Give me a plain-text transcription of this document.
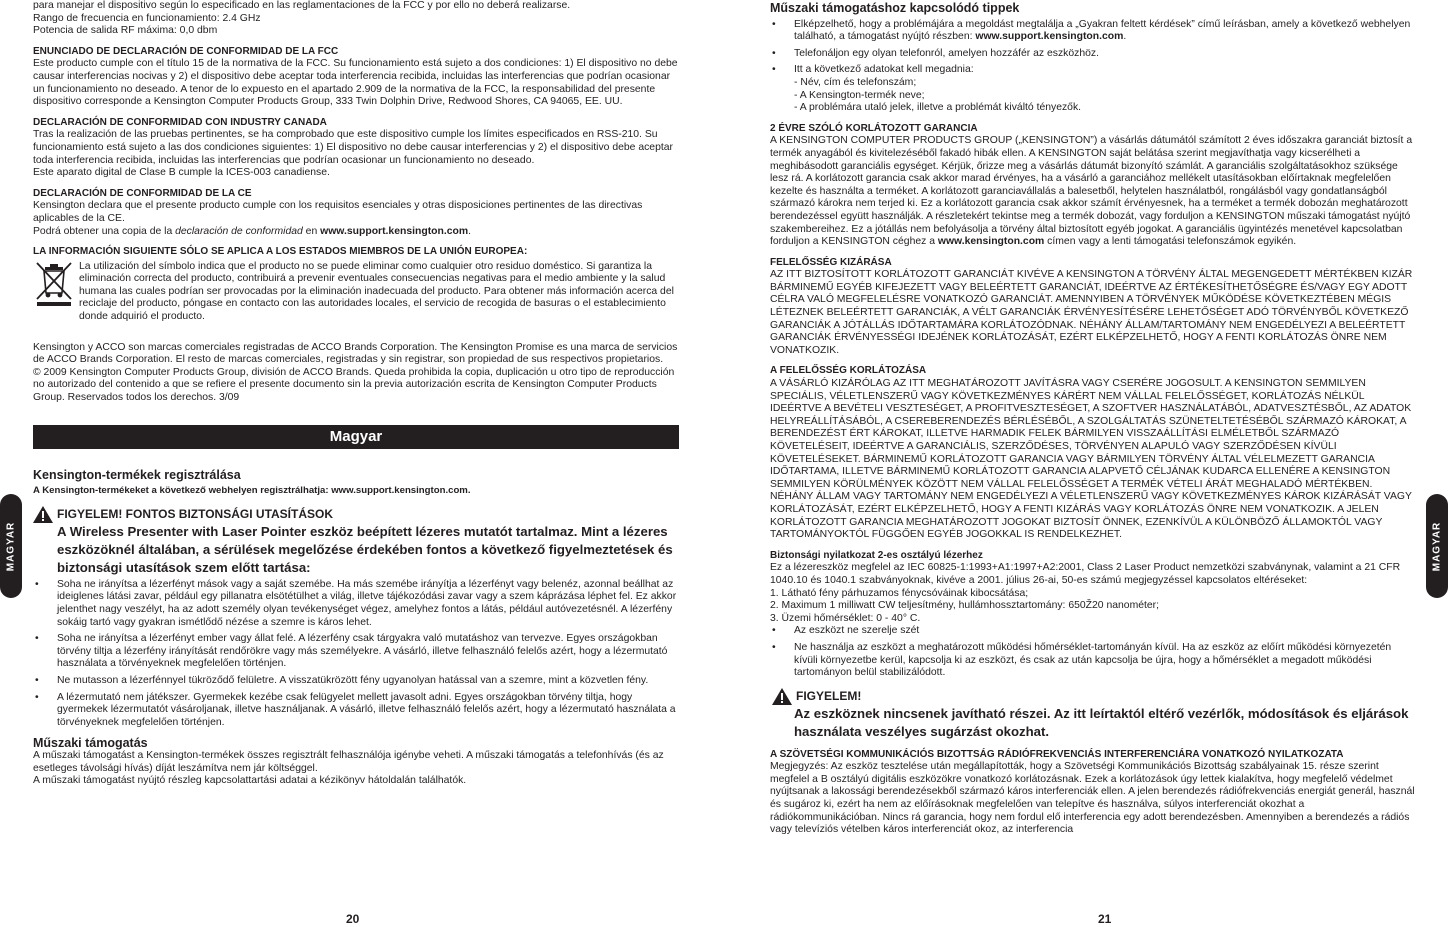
para manejar el dispositivo según lo especificado en las reglamentaciones de la FCC y por ello no deberá realizarse.

Rango de frecuencia en funcionamiento: 2.4 GHz

Potencia de salida RF máxima: 0,0 dbm

ENUNCIADO DE DECLARACIÓN DE CONFORMIDAD DE LA FCC

Este producto cumple con el título 15 de la normativa de la FCC. Su funcionamiento está sujeto a dos condiciones: 1) El dispositivo no debe causar interferencias nocivas y 2) el dispositivo debe aceptar toda interferencia recibida, incluidas las interferencias que podrían ocasionar un funcionamiento no deseado. A tenor de lo expuesto en el apartado 2.909 de la normativa de la FCC, la responsabilidad del presente dispositivo corresponde a Kensington Computer Products Group, 333 Twin Dolphin Drive, Redwood Shores, CA 94065, EE. UU.

DECLARACIÓN DE CONFORMIDAD CON INDUSTRY CANADA

Tras la realización de las pruebas pertinentes, se ha comprobado que este dispositivo cumple los límites especificados en RSS-210. Su funcionamiento está sujeto a las dos condiciones siguientes: 1) El dispositivo no debe causar interferencias y 2) el dispositivo debe aceptar toda interferencia recibida, incluidas las interferencias que podrían ocasionar un funcionamiento no deseado.

Este aparato digital de Clase B cumple la ICES-003 canadiense.

DECLARACIÓN DE CONFORMIDAD DE LA CE

Kensington declara que el presente producto cumple con los requisitos esenciales y otras disposiciones pertinentes de las directivas aplicables de la CE.

Podrá obtener una copia de la declaración de conformidad en www.support.kensington.com.

LA INFORMACIÓN SIGUIENTE SÓLO SE APLICA A LOS ESTADOS MIEMBROS DE LA UNIÓN EUROPEA:

La utilización del símbolo indica que el producto no se puede eliminar como cualquier otro residuo doméstico. Si garantiza la eliminación correcta del producto, contribuirá a prevenir eventuales consecuencias negativas para el medio ambiente y la salud humana las cuales podrían ser provocadas por la eliminación inadecuada del producto. Para obtener más información acerca del reciclaje del producto, póngase en contacto con las autoridades locales, el servicio de recogida de basuras o el establecimiento donde adquirió el producto.

Kensington y ACCO son marcas comerciales registradas de ACCO Brands Corporation. The Kensington Promise es una marca de servicios de ACCO Brands Corporation. El resto de marcas comerciales, registradas y sin registrar, son propiedad de sus respectivos propietarios.

© 2009 Kensington Computer Products Group, división de ACCO Brands. Queda prohibida la copia, duplicación u otro tipo de reproducción no autorizado del contenido a que se refiere el presente documento sin la previa autorización escrita de Kensington Computer Products Group. Reservados todos los derechos. 3/09

Magyar

Kensington-termékek regisztrálása

A Kensington-termékeket a következő webhelyen regisztrálhatja: www.support.kensington.com.

FIGYELEM! FONTOS BIZTONSÁGI UTASÍTÁSOK

A Wireless Presenter with Laser Pointer eszköz beépített lézeres mutatót tartalmaz. Mint a lézeres eszközöknél általában, a sérülések megelőzése érdekében fontos a következő figyelmeztetések és biztonsági utasítások szem előtt tartása:

• Soha ne irányítsa a lézerfényt mások vagy a saját szemébe. Ha más szemébe irányítja a lézerfényt vagy belenéz, azonnal beállhat az ideiglenes látási zavar, például egy pillanatra elsötétülhet a világ, illetve tájékozódási zavar vagy a szem káprázása léphet fel. Ez akkor jelenthet nagy veszélyt, ha az adott személy olyan tevékenységet végez, amelyhez fontos a látás, például autóvezetésnél. A lézerfény sokáig tartó vagy gyakran ismétlődő nézése a szemre is káros lehet.
• Soha ne irányítsa a lézerfényt ember vagy állat felé. A lézerfény csak tárgyakra való mutatáshoz van tervezve. Egyes országokban törvény tiltja a lézerfény irányítását rendőrökre vagy más személyekre. A vásárló, illetve felhasználó felelős azért, hogy a lézermutató használata a törvényeknek megfelelően történjen.
• Ne mutasson a lézerfénnyel tükröződő felületre. A visszatükrözött fény ugyanolyan hatással van a szemre, mint a közvetlen fény.
• A lézermutató nem játékszer. Gyermekek kezébe csak felügyelet mellett javasolt adni. Egyes országokban törvény tiltja, hogy gyermekek lézermutatót vásároljanak, illetve használjanak. A vásárló, illetve felhasználó felelős azért, hogy a lézermutató használata a törvényeknek megfelelően történjen.

Műszaki támogatás

A műszaki támogatást a Kensington-termékek összes regisztrált felhasználója igénybe veheti. A műszaki támogatás a telefonhívás (és az esetleges távolsági hívás) díját leszámítva nem jár költséggel.

A műszaki támogatást nyújtó részleg kapcsolattartási adatai a kézikönyv hátoldalán találhatók.

20
MAGYAR

Műszaki támogatáshoz kapcsolódó tippek

• Elképzelhető, hogy a problémájára a megoldást megtalálja a „Gyakran feltett kérdések” című leírásban, amely a következő webhelyen található, a támogatást nyújtó részben: www.support.kensington.com.
• Telefonáljon egy olyan telefonról, amelyen hozzáfér az eszközhöz.
• Itt a következő adatokat kell megadnia:
- Név, cím és telefonszám;
- A Kensington-termék neve;
- A problémára utaló jelek, illetve a problémát kiváltó tényezők.

2 ÉVRE SZÓLÓ KORLÁTOZOTT GARANCIA

A KENSINGTON COMPUTER PRODUCTS GROUP („KENSINGTON”) a vásárlás dátumától számított 2 éves időszakra garanciát biztosít a termék anyagából és kivitelezéséből fakadó hibák ellen. A KENSINGTON saját belátása szerint megjavíthatja vagy kicserélheti a meghibásodott garanciális egységet. Kérjük, őrizze meg a vásárlás dátumát bizonyító számlát. A garanciális szolgáltatásokhoz szüksége lesz rá. A korlátozott garancia csak akkor marad érvényes, ha a vásárló a garanciához mellékelt utasításokban előírtaknak megfelelően kezelte és használta a terméket. A korlátozott garanciavállalás a balesetből, helytelen használatból, rongálásból vagy gondatlanságból származó károkra nem terjed ki. Ez a korlátozott garancia csak akkor számít érvényesnek, ha a terméket a termék dobozán meghatározott berendezéssel együtt használják. A részletekért tekintse meg a termék dobozát, vagy forduljon a KENSINGTON műszaki támogatást nyújtó szakembereihez. Ez a jótállás nem befolyásolja a törvény által biztosított egyéb jogokat. A garanciális ügyintézés menetével kapcsolatban forduljon a KENSINGTON céghez a www.kensington.com címen vagy a lenti támogatási telefonszámok egyikén.

FELELŐSSÉG KIZÁRÁSA

AZ ITT BIZTOSÍTOTT KORLÁTOZOTT GARANCIÁT KIVÉVE A KENSINGTON A TÖRVÉNY ÁLTAL MEGENGEDETT MÉRTÉKBEN KIZÁR BÁRMINEMŰ EGYÉB KIFEJEZETT VAGY BELEÉRTETT GARANCIÁT, IDEÉRTVE AZ ÉRTÉKESÍTHETŐSÉGRE ÉS/VAGY EGY ADOTT CÉLRA VALÓ MEGFELELÉSRE VONATKOZÓ GARANCIÁT. AMENNYIBEN A TÖRVÉNYEK MŰKÖDÉSE KÖVETKEZTÉBEN MÉGIS LÉTEZNEK BELEÉRTETT GARANCIÁK, A VÉLT GARANCIÁK ÉRVÉNYESÍTÉSÉRE LEHETŐSÉGET ADÓ TÖRVÉNYBŐL KÖVETKEZŐ GARANCIÁK A JÓTÁLLÁS IDŐTARTAMÁRA KORLÁTOZÓDNAK. NÉHÁNY ÁLLAM/TARTOMÁNY NEM ENGEDÉLYEZI A BELEÉRTETT GARANCIÁK ÉRVÉNYESSÉGI IDEJÉNEK KORLÁTOZÁSÁT, EZÉRT ELKÉPZELHETŐ, HOGY A FENTI KORLÁTOZÁS ÖNRE NEM VONATKOZIK.

A FELELŐSSÉG KORLÁTOZÁSA

A VÁSÁRLÓ KIZÁRÓLAG AZ ITT MEGHATÁROZOTT JAVÍTÁSRA VAGY CSERÉRE JOGOSULT. A KENSINGTON SEMMILYEN SPECIÁLIS, VÉLETLENSZERŰ VAGY KÖVETKEZMÉNYES KÁRÉRT NEM VÁLLAL FELELŐSSÉGET, KORLÁTOZÁS NÉLKÜL IDEÉRTVE A BEVÉTELI VESZTESÉGET, A PROFITVESZTESÉGET, A SZOFTVER HASZNÁLATÁBÓL, ADATVESZTÉSBŐL, AZ ADATOK HELYREÁLLÍTÁSÁBÓL, A CSEREBERENDEZÉS BÉRLÉSÉBŐL, A SZOLGÁLTATÁS SZÜNETELTETÉSÉBŐL SZÁRMAZÓ KÁROKAT, A BERENDEZÉST ÉRT KÁROKAT, ILLETVE HARMADIK FELEK BÁRMILYEN VISSZAÁLLÍTÁSI ELMÉLETBŐL SZÁRMAZÓ KÖVETELÉSEIT, IDEÉRTVE A GARANCIÁLIS, SZERZŐDÉSES, TÖRVÉNYEN ALAPULÓ VAGY SZERZŐDÉSEN KÍVÜLI KÖVETELÉSEKET. BÁRMINEMŰ KORLÁTOZOTT GARANCIA VAGY BÁRMILYEN TÖRVÉNY ÁLTAL VÉLELMEZETT GARANCIA IDŐTARTAMA, ILLETVE BÁRMINEMŰ KORLÁTOZOTT GARANCIA ALAPVETŐ CÉLJÁNAK KUDARCA ELLENÉRE A KENSINGTON SEMMILYEN KÖRÜLMÉNYEK KÖZÖTT NEM VÁLLAL FELELŐSSÉGET A TERMÉK VÉTELI ÁRÁT MEGHALADÓ MÉRTÉKBEN. NÉHÁNY ÁLLAM VAGY TARTOMÁNY NEM ENGEDÉLYEZI A VÉLETLENSZERŰ VAGY KÖVETKEZMÉNYES KÁROK KIZÁRÁSÁT VAGY KORLÁTOZÁSÁT, EZÉRT ELKÉPZELHETŐ, HOGY A FENTI KIZÁRÁS VAGY KORLÁTOZÁS ÖNRE NEM VONATKOZIK. A JELEN KORLÁTOZOTT GARANCIA MEGHATÁROZOTT JOGOKAT BIZTOSÍT ÖNNEK, EZENKÍVÜL A KÜLÖNBÖZŐ ÁLLAMOKTÓL VAGY TARTOMÁNYOKTÓL FÜGGŐEN EGYÉB JOGOKKAL IS RENDELKEZHET.

Biztonsági nyilatkozat 2-es osztályú lézerhez

Ez a lézereszköz megfelel az IEC 60825-1:1993+A1:1997+A2:2001, Class 2 Laser Product nemzetközi szabványnak, valamint a 21 CFR 1040.10 és 1040.1 szabványoknak, kivéve a 2001. július 26-ai, 50-es számú megjegyzéssel kapcsolatos eltéréseket:

1. Látható fény párhuzamos fénycsóváinak kibocsátása;

2. Maximum 1 milliwatt CW teljesítmény, hullámhossztartomány: 650Ž20 nanométer;

3. Üzemi hőmérséklet: 0 - 40° C.

• Az eszközt ne szerelje szét
• Ne használja az eszközt a meghatározott működési hőmérséklet-tartományán kívül. Ha az eszköz az előírt működési környezetén kívüli környezetbe kerül, kapcsolja ki az eszközt, és csak az után kapcsolja be újra, hogy a hőmérséklet a megadott működési tartományon belül stabilizálódott.
FIGYELEM!

Az eszköznek nincsenek javítható részei. Az itt leírtaktól eltérő vezérlők, módosítások és eljárások használata veszélyes sugárzást okozhat.

A SZÖVETSÉGI KOMMUNIKÁCIÓS BIZOTTSÁG RÁDIÓFREKVENCIÁS INTERFERENCIÁRA VONATKOZÓ NYILATKOZATA

Megjegyzés: Az eszköz tesztelése után megállapították, hogy a Szövetségi Kommunikációs Bizottság szabályainak 15. része szerint megfelel a B osztályú digitális eszközökre vonatkozó korlátozásnak. Ezek a korlátozások úgy lettek kialakítva, hogy megfelelő védelmet nyújtsanak a lakossági berendezésekből származó káros interferenciák ellen. A jelen berendezés rádiófrekvenciás energiát generál, használ és sugároz ki, ezért ha nem az előírásoknak megfelelően van telepítve és használva, súlyos interferenciát okozhat a rádiókommunikációban. Nincs rá garancia, hogy nem fordul elő interferencia egy adott berendezésben. Amennyiben a berendezés a rádiós vagy televíziós vételben káros interferenciát okoz, az interferencia

21
MAGYAR
